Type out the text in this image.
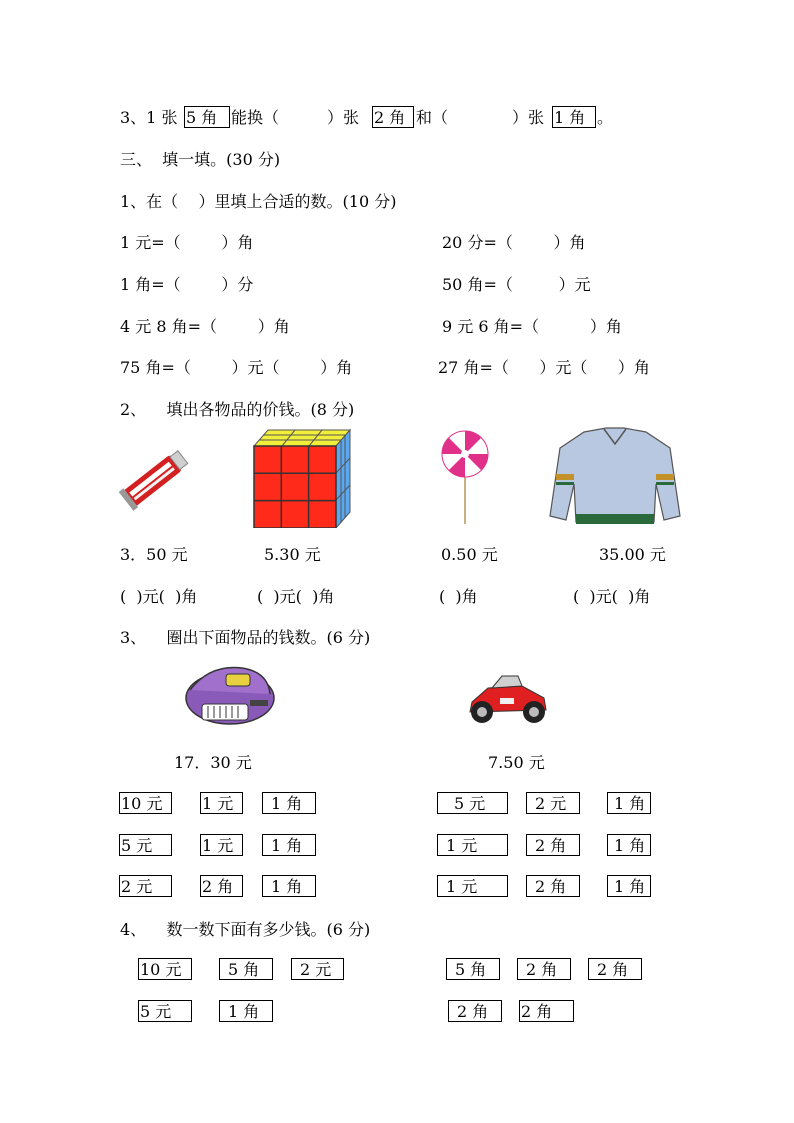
3、1 张 5 角 能换（　　　）张 2 角 和（　　　　）张 1 角 。
三、  填一填。(30 分)
1、在（    ）里填上合适的数。(10 分)
1 元=（        ）角	20 分=（        ）角
1 角=（        ）分	50 角=（         ）元
4 元 8 角=（        ）角	9 元 6 角=（          ）角
75 角=（        ）元（        ）角	27 角=（      ）元（      ）角
2、    填出各物品的价钱。(8 分)
3．50 元	5.30 元	0.50 元	35.00 元
(  )元(  )角	(  )元(  )角	(  )角	(  )元(  )角
3、    圈出下面物品的钱数。(6 分)
17．30 元	7.50 元
10 元	1 元	1 角
5 元	1 元	1 角
2 元	2 角	1 角
5 元	2 元	1 角
1 元	2 角	1 角
1 元	2 角	1 角
4、    数一数下面有多少钱。(6 分)
10 元	5 角	2 元
5 元	1 角
5 角	2 角	2 角
2 角	2 角
